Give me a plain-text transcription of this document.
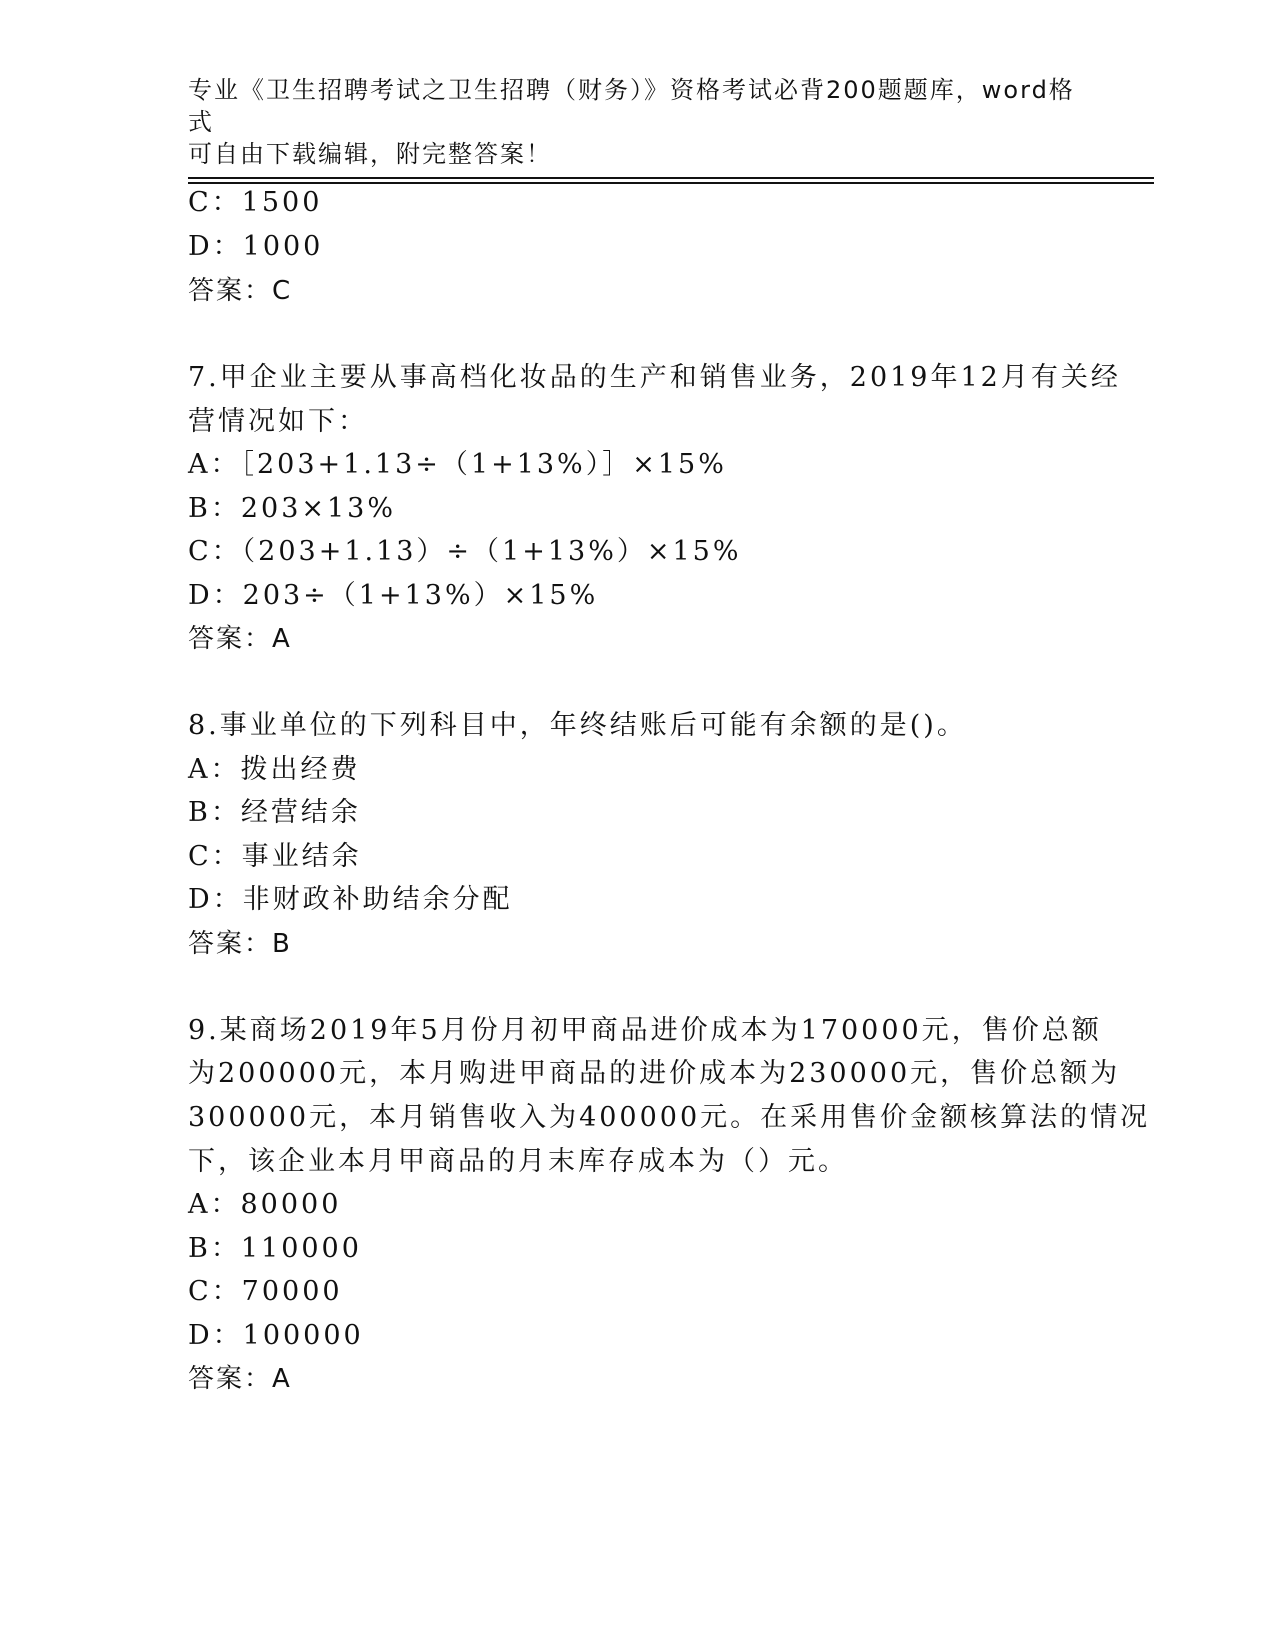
专业《卫生招聘考试之卫生招聘（财务）》资格考试必背200题题库，word格式
可自由下载编辑，附完整答案！
C：1500
D：1000
答案：C
7.甲企业主要从事高档化妆品的生产和销售业务，2019年12月有关经
营情况如下：
A：［203+1.13÷（1+13%）］×15%
B：203×13%
C：（203+1.13）÷（1+13%）×15%
D：203÷（1+13%）×15%
答案：A
8.事业单位的下列科目中，年终结账后可能有余额的是()。
A：拨出经费
B：经营结余
C：事业结余
D：非财政补助结余分配
答案：B
9.某商场2019年5月份月初甲商品进价成本为170000元，售价总额
为200000元，本月购进甲商品的进价成本为230000元，售价总额为
300000元，本月销售收入为400000元。在采用售价金额核算法的情况
下，该企业本月甲商品的月末库存成本为（）元。
A：80000
B：110000
C：70000
D：100000
答案：A
